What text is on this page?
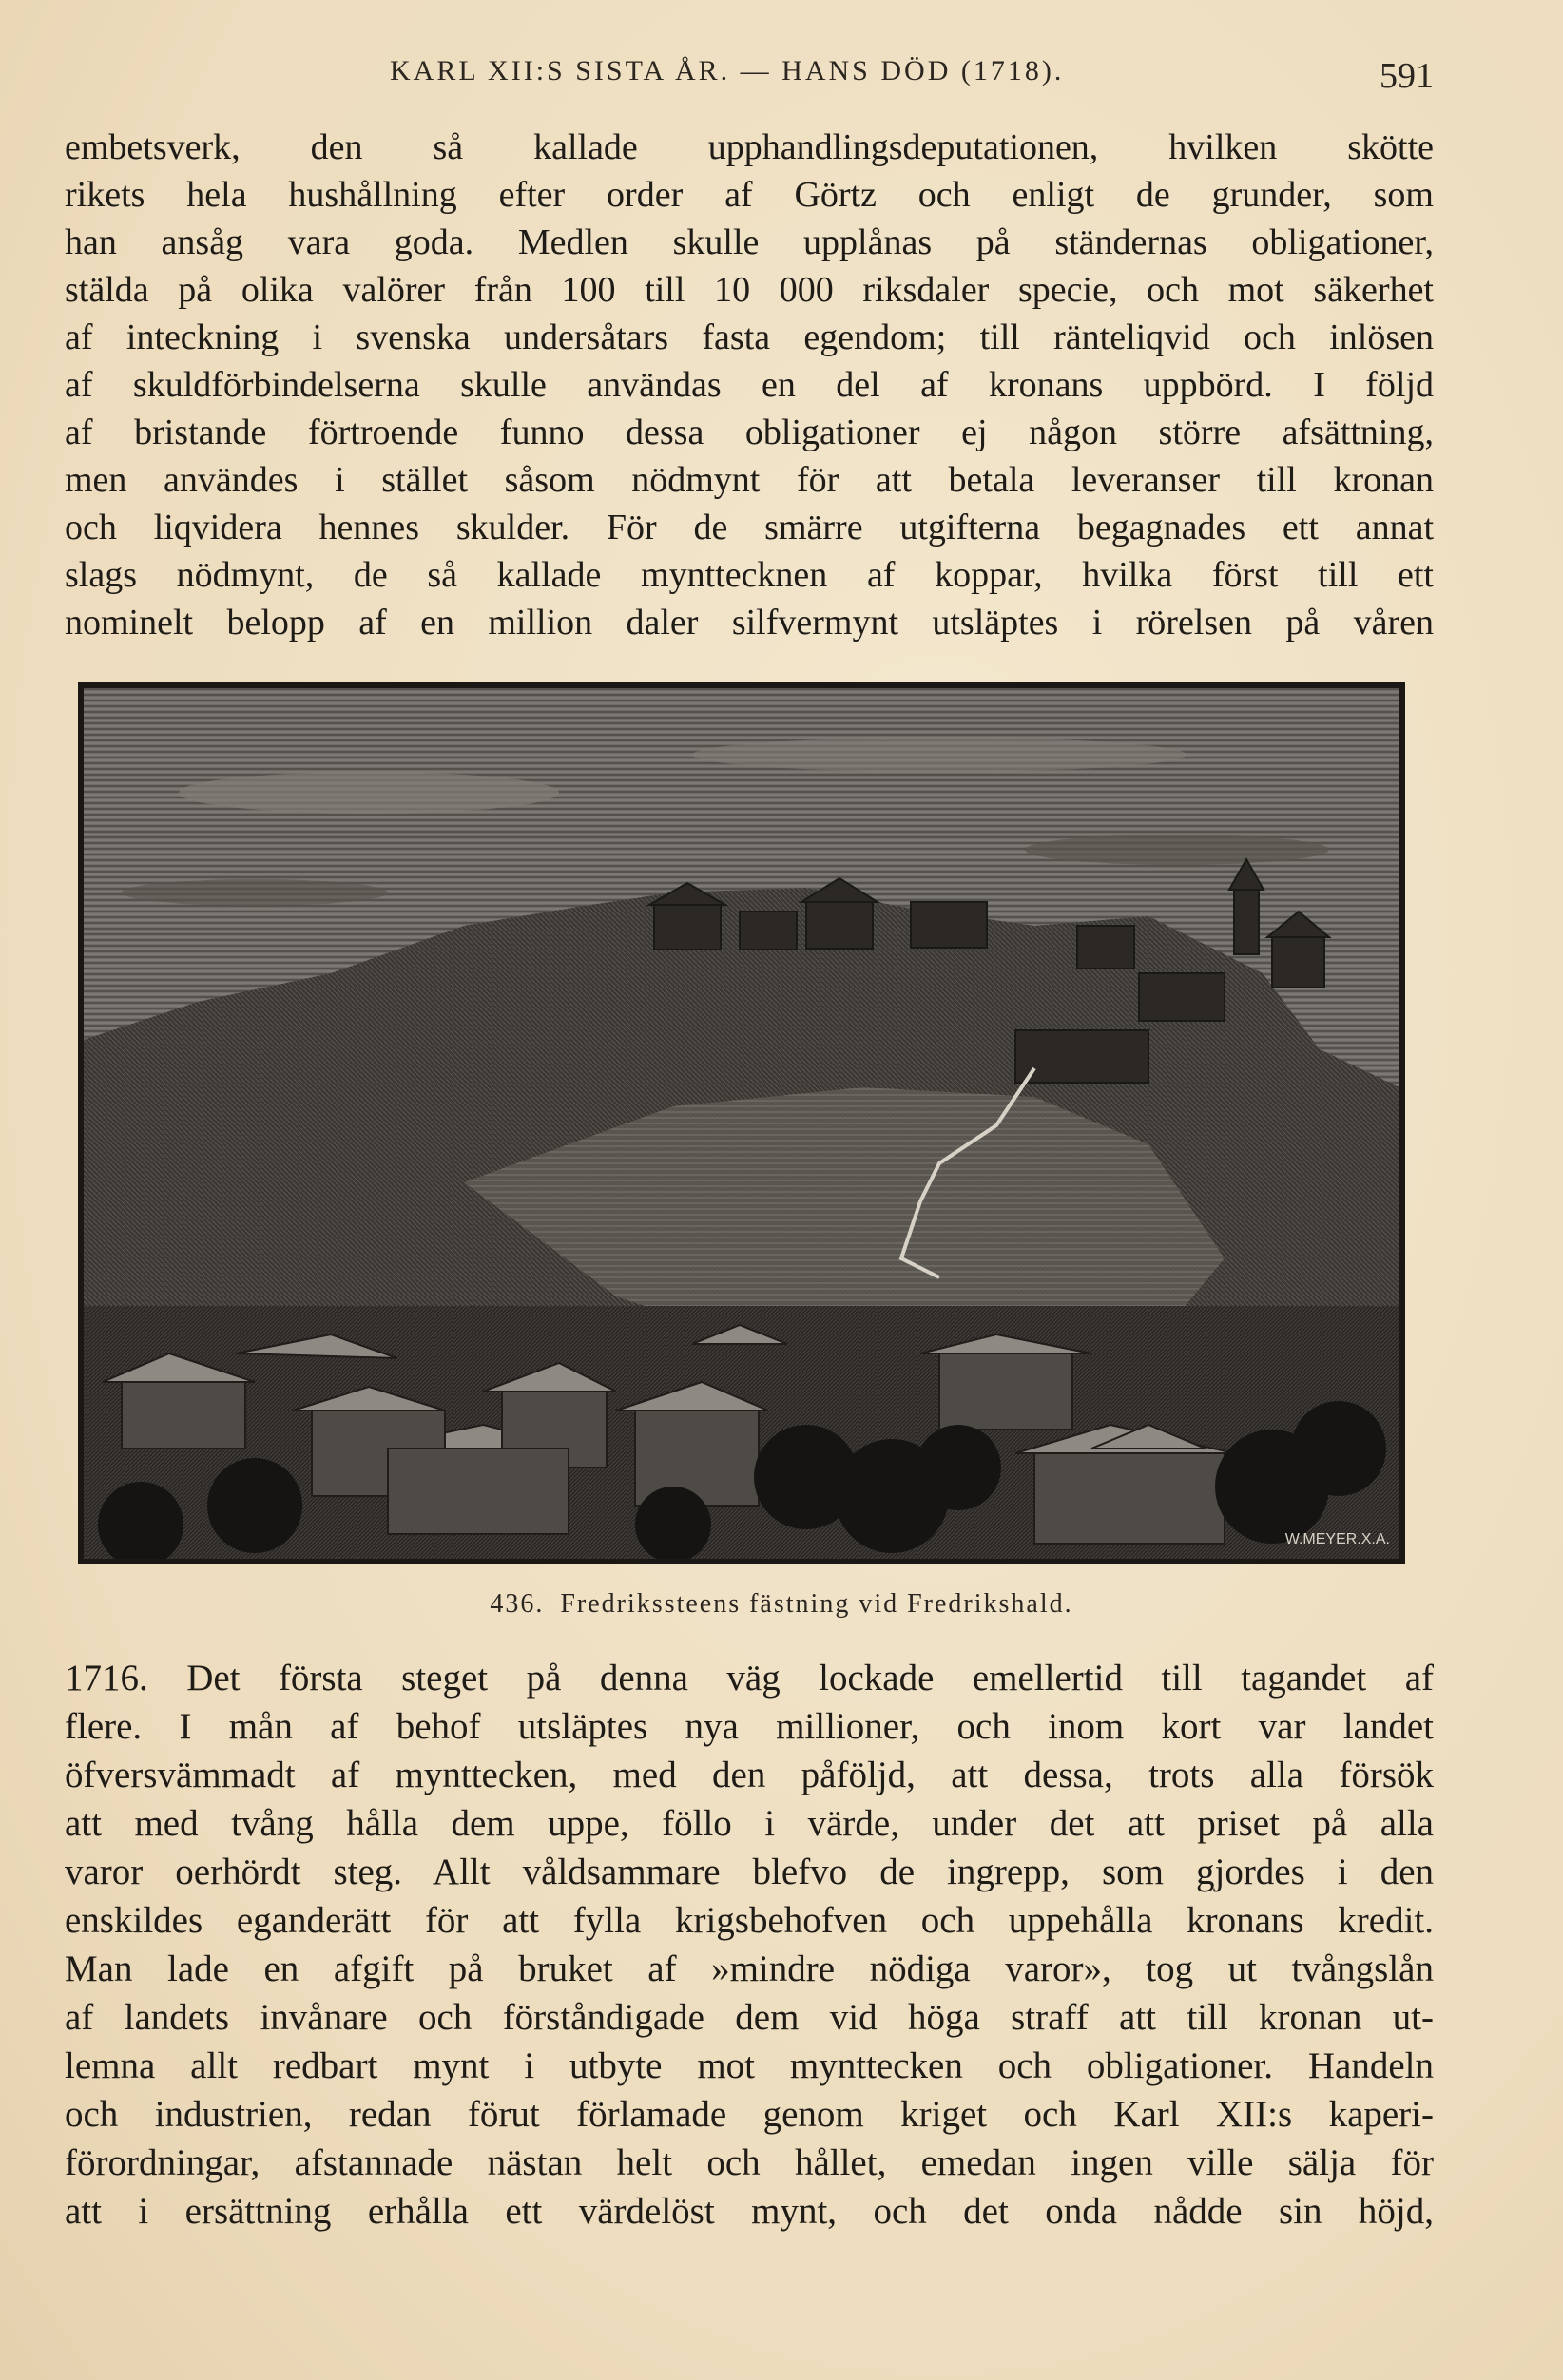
KARL XII:S SISTA ÅR. — HANS DÖD (1718).	591
embetsverk, den så kallade upphandlingsdeputationen, hvilken skötte
rikets hela hushållning efter order af Görtz och enligt de grunder, som
han ansåg vara goda. Medlen skulle upplånas på ständernas obligationer,
stälda på olika valörer från 100 till 10 000 riksdaler specie, och mot säkerhet
af inteckning i svenska undersåtars fasta egendom; till ränteliqvid och inlösen
af skuldförbindelserna skulle användas en del af kronans uppbörd. I följd
af bristande förtroende funno dessa obligationer ej någon större afsättning,
men användes i stället såsom nödmynt för att betala leveranser till kronan
och liqvidera hennes skulder. För de smärre utgifterna begagnades ett annat
slags nödmynt, de så kallade mynttecknen af koppar, hvilka först till ett
nominelt belopp af en million daler silfvermynt utsläptes i rörelsen på våren
W.MEYER.X.A.
436. Fredrikssteens fästning vid Fredrikshald.
1716. Det första steget på denna väg lockade emellertid till tagandet af
flere. I mån af behof utsläptes nya millioner, och inom kort var landet
öfversvämmadt af mynttecken, med den påföljd, att dessa, trots alla försök
att med tvång hålla dem uppe, föllo i värde, under det att priset på alla
varor oerhördt steg. Allt våldsammare blefvo de ingrepp, som gjordes i den
enskildes eganderätt för att fylla krigsbehofven och uppehålla kronans kredit.
Man lade en afgift på bruket af »mindre nödiga varor», tog ut tvångslån
af landets invånare och förståndigade dem vid höga straff att till kronan ut-
lemna allt redbart mynt i utbyte mot mynttecken och obligationer. Handeln
och industrien, redan förut förlamade genom kriget och Karl XII:s kaperi-
förordningar, afstannade nästan helt och hållet, emedan ingen ville sälja för
att i ersättning erhålla ett värdelöst mynt, och det onda nådde sin höjd,
